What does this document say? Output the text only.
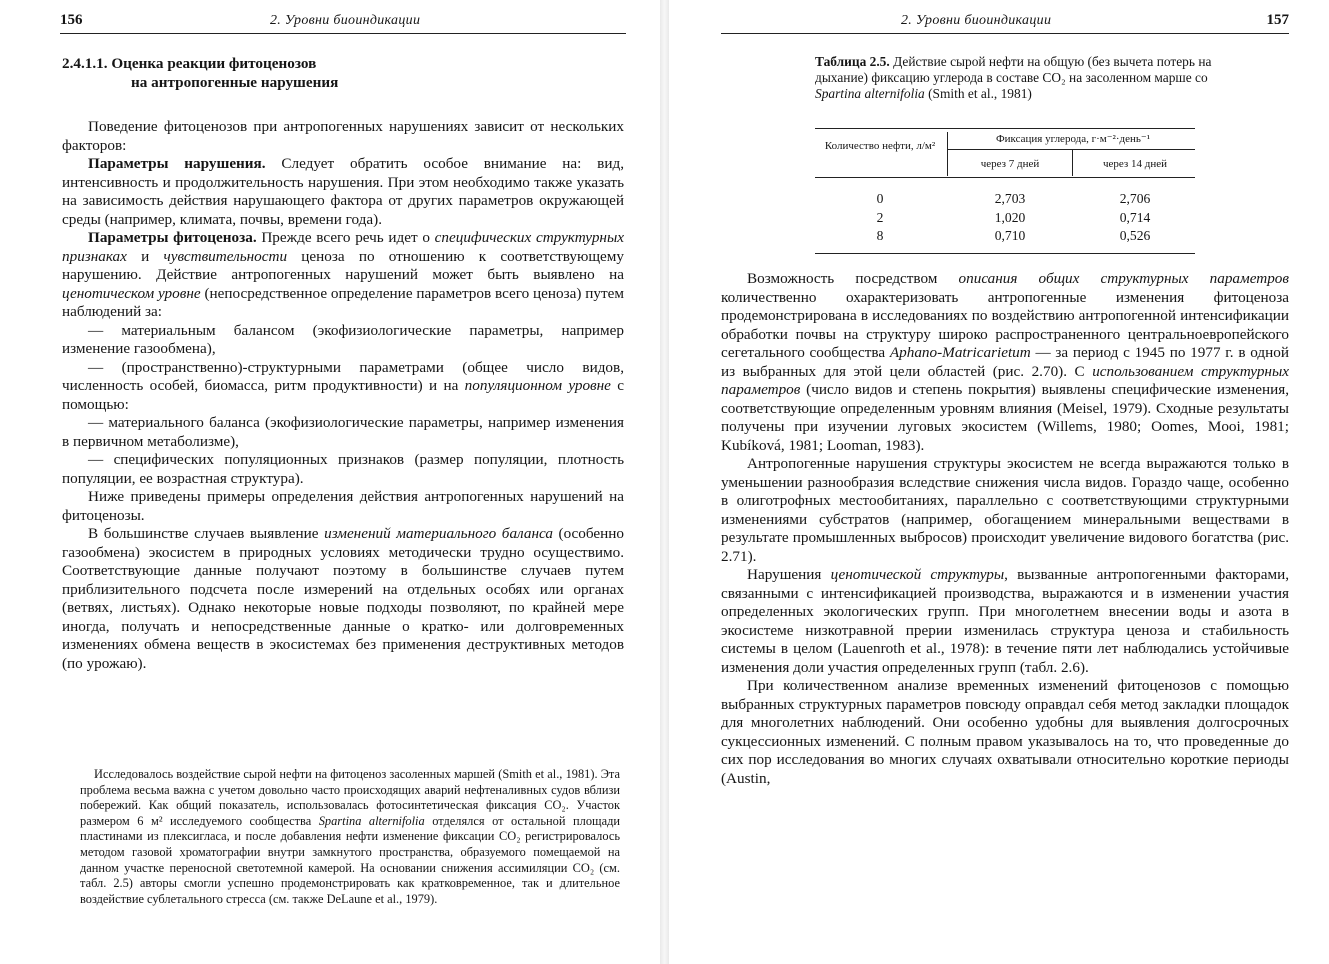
156	2. Уровни биоиндикации
2.4.1.1. Оценка реакции фитоценозов
на антропогенные нарушения

Поведение фитоценозов при антропогенных нарушениях зависит от нескольких факторов:

Параметры нарушения. Следует обратить особое внимание на: вид, интенсивность и продолжительность нарушения. При этом необходимо также указать на зависимость действия нарушающего фактора от других параметров окружающей среды (например, климата, почвы, времени года).

Параметры фитоценоза. Прежде всего речь идет о специфических структурных признаках и чувствительности ценоза по отношению к соответствующему нарушению. Действие антропогенных нарушений может быть выявлено на ценотическом уровне (непосредственное определение параметров всего ценоза) путем наблюдений за:

— материальным балансом (экофизиологические параметры, например изменение газообмена),

— (пространственно)-структурными параметрами (общее число видов, численность особей, биомасса, ритм продуктивности) и на популяционном уровне с помощью:

— материального баланса (экофизиологические параметры, например изменения в первичном метаболизме),

— специфических популяционных признаков (размер популяции, плотность популяции, ее возрастная структура).

Ниже приведены примеры определения действия антропогенных нарушений на фитоценозы.

В большинстве случаев выявление изменений материального баланса (особенно газообмена) экосистем в природных условиях методически трудно осуществимо. Соответствующие данные получают поэтому в большинстве случаев путем приблизительного подсчета после измерений на отдельных особях или органах (ветвях, листьях). Однако некоторые новые подходы позволяют, по крайней мере иногда, получать и непосредственные данные о кратко- или долговременных изменениях обмена веществ в экосистемах без применения деструктивных методов (по урожаю).

Исследовалось воздействие сырой нефти на фитоценоз засоленных маршей (Smith et al., 1981). Эта проблема весьма важна с учетом довольно часто происходящих аварий нефтеналивных судов вблизи побережий. Как общий показатель, использовалась фотосинтетическая фиксация CO₂. Участок размером 6 м² исследуемого сообщества Spartina alternifolia отделялся от остальной площади пластинами из плексигласа, и после добавления нефти изменение фиксации CO₂ регистрировалось методом газовой хроматографии внутри замкнутого пространства, образуемого помещаемой на данном участке переносной светотемной камерой. На основании снижения ассимиляции CO₂ (см. табл. 2.5) авторы смогли успешно продемонстрировать как кратковременное, так и длительное воздействие сублетального стресса (см. также DeLaune et al., 1979).

2. Уровни биоиндикации	157
Таблица 2.5. Действие сырой нефти на общую (без вычета потерь на дыхание) фиксацию углерода в составе CO₂ на засоленном марше со Spartina alternifolia (Smith et al., 1981)
Количество нефти, л/м²
Фиксация углерода, г·м⁻²·день⁻¹
через 7 дней	через 14 дней
0	2,703	2,706
2	1,020	0,714
8	0,710	0,526

Возможность посредством описания общих структурных параметров количественно охарактеризовать антропогенные изменения фитоценоза продемонстрирована в исследованиях по воздействию антропогенной интенсификации обработки почвы на структуру широко распространенного центральноевропейского сегетального сообщества Aphano-Matricarietum — за период с 1945 по 1977 г. в одной из выбранных для этой цели областей (рис. 2.70). С использованием структурных параметров (число видов и степень покрытия) выявлены специфические изменения, соответствующие определенным уровням влияния (Meisel, 1979). Сходные результаты получены при изучении луговых экосистем (Willems, 1980; Oomes, Mooi, 1981; Kubíková, 1981; Looman, 1983).

Антропогенные нарушения структуры экосистем не всегда выражаются только в уменьшении разнообразия вследствие снижения числа видов. Гораздо чаще, особенно в олиготрофных местообитаниях, параллельно с соответствующими структурными изменениями субстратов (например, обогащением минеральными веществами в результате промышленных выбросов) происходит увеличение видового богатства (рис. 2.71).

Нарушения ценотической структуры, вызванные антропогенными факторами, связанными с интенсификацией производства, выражаются и в изменении участия определенных экологических групп. При многолетнем внесении воды и азота в экосистеме низкотравной прерии изменилась структура ценоза и стабильность системы в целом (Lauenroth et al., 1978): в течение пяти лет наблюдались устойчивые изменения доли участия определенных групп (табл. 2.6).

При количественном анализе временных изменений фитоценозов с помощью выбранных структурных параметров повсюду оправдал себя метод закладки площадок для многолетних наблюдений. Они особенно удобны для выявления долгосрочных сукцессионных изменений. С полным правом указывалось на то, что проведенные до сих пор исследования во многих случаях охватывали относительно короткие периоды (Austin,
